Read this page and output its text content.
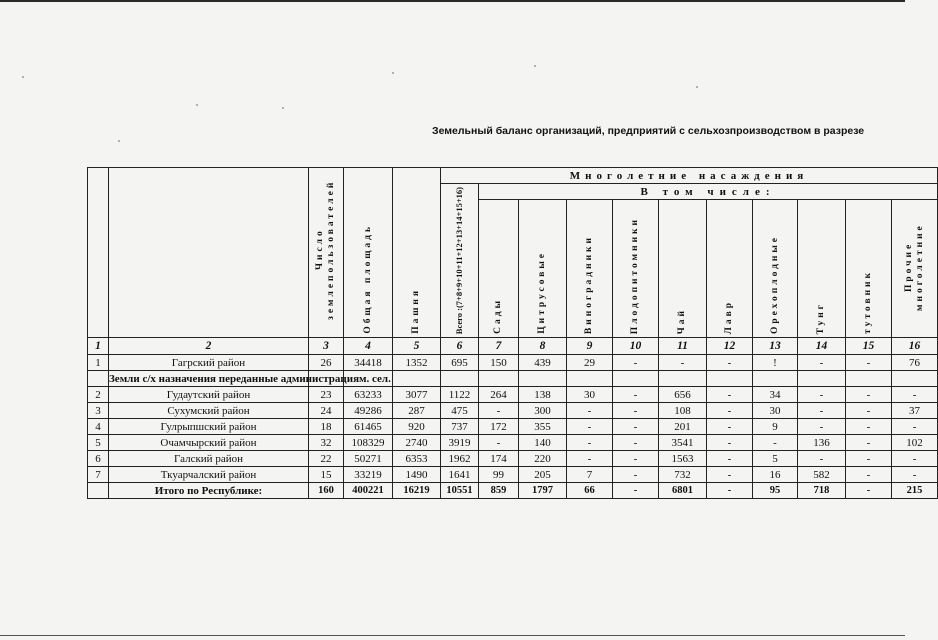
Земельный баланс организаций, предприятий с сельхозпроизводством в разрезе
		Число землепользователей	Общая площадь	Пашня	Многолетние насаждения										
					Всего :(7+8+9+10+11+12+13+14+15+16)	В том числе:									
						Сады	Цитрусовые	Виноградники	Плодопитомники	Чай	Лавр	Орехоплодные	Тунг	тутовник	Прочие многолетние
1	2	3	4	5	6	7	8	9	10	11	12	13	14	15	16
1	Гагрский район	26	34418	1352	695	150	439	29	-	-	-	!	-	-	76
	Земли с/х назначения переданные администрациям. сел.														
2	Гудаутский район	23	63233	3077	1122	264	138	30	-	656	-	34	-	-	-
3	Сухумский район	24	49286	287	475	-	300	-	-	108	-	30	-	-	37
4	Гулрыпшский район	18	61465	920	737	172	355	-	-	201	-	9	-	-	-
5	Очамчырский район	32	108329	2740	3919	-	140	-	-	3541	-	-	136	-	102
6	Галский район	22	50271	6353	1962	174	220	-	-	1563	-	5	-	-	-
7	Ткуарчалский район	15	33219	1490	1641	99	205	7	-	732	-	16	582	-	-
	Итого по Республике:	160	400221	16219	10551	859	1797	66	-	6801	-	95	718	-	215
